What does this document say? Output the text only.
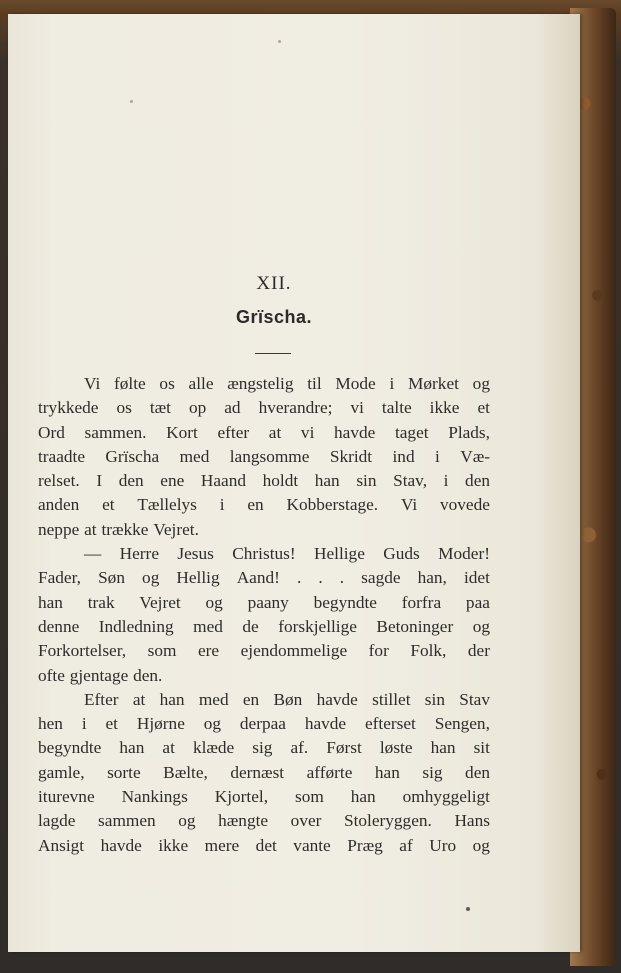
XII.
Grïscha.
Vi følte os alle ængstelig til Mode i Mørket og
trykkede os tæt op ad hverandre; vi talte ikke et
Ord sammen. Kort efter at vi havde taget Plads,
traadte Grïscha med langsomme Skridt ind i Væ-
relset. I den ene Haand holdt han sin Stav, i den
anden et Tællelys i en Kobberstage. Vi vovede
neppe at trække Vejret.
— Herre Jesus Christus! Hellige Guds Moder!
Fader, Søn og Hellig Aand! . . . sagde han, idet
han trak Vejret og paany begyndte forfra paa
denne Indledning med de forskjellige Betoninger og
Forkortelser, som ere ejendommelige for Folk, der
ofte gjentage den.
Efter at han med en Bøn havde stillet sin Stav
hen i et Hjørne og derpaa havde efterset Sengen,
begyndte han at klæde sig af. Først løste han sit
gamle, sorte Bælte, dernæst afførte han sig den
iturevne Nankings Kjortel, som han omhyggeligt
lagde sammen og hængte over Stoleryggen. Hans
Ansigt havde ikke mere det vante Præg af Uro og
